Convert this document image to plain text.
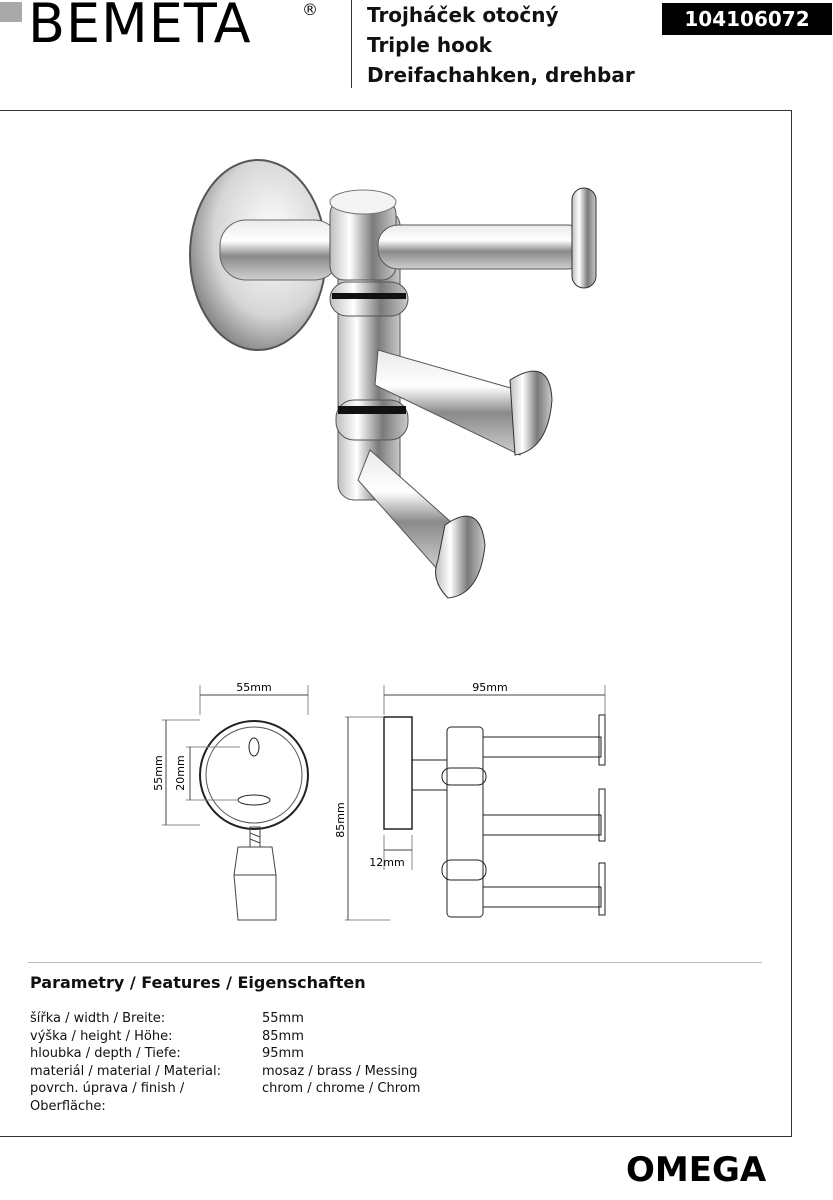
BEMETA	® Trojháček otočný
Triple hook
Dreifachahken, drehbar
104106072
55mm
55mm 20mm
95mm
85mm
12mm
Parametry / Features / Eigenschaften
šířka / width / Breite:	55mm
výška / height / Höhe:	85mm
hloubka / depth / Tiefe:	95mm
materiál / material / Material:	mosaz / brass / Messing
povrch. úprava / finish / Oberfläche:
chrom / chrome / Chrom
OMEGA
